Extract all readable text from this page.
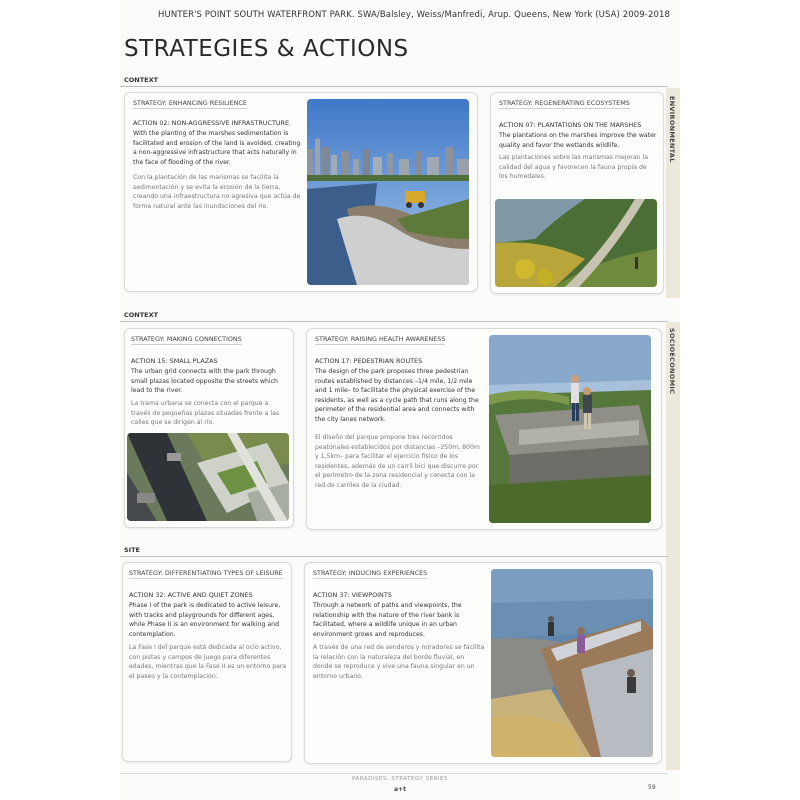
HUNTER'S POINT SOUTH WATERFRONT PARK. SWA/Balsley, Weiss/Manfredi, Arup. Queens, New York (USA) 2009-2018
STRATEGIES & ACTIONS
CONTEXT
ENVIRONMENTAL
STRATEGY: ENHANCING RESILIENCE
ACTION 02: NON-AGGRESSIVE INFRASTRUCTURE
With the planting of the marshes sedimentation is facilitated and erosion of the land is avoided, creating a non-aggressive infrastructure that acts naturally in the face of flooding of the river.
Con la plantación de las marismas se facilita la sedimentación y se evita la erosión de la tierra, creando una infraestructura no agresiva que actúa de forma natural ante las inundaciones del río.
STRATEGY: REGENERATING ECOSYSTEMS
ACTION 07: PLANTATIONS ON THE MARSHES
The plantations on the marshes improve the water quality and favor the wetlands wildlife.
Las plantaciones sobre las marismas mejoran la calidad del agua y favorecen la fauna propia de los humedales.
CONTEXT
SOCIOECONOMIC
STRATEGY: MAKING CONNECTIONS
ACTION 15: SMALL PLAZAS
The urban grid connects with the park through small plazas located opposite the streets which lead to the river.
La trama urbana se conecta con el parque a través de pequeñas plazas situadas frente a las calles que se dirigen al río.
STRATEGY: RAISING HEALTH AWARENESS
ACTION 17: PEDESTRIAN ROUTES
The design of the park proposes three pedestrian routes established by distances –1/4 mile, 1/2 mile and 1 mile– to facilitate the physical exercise of the residents, as well as a cycle path that runs along the perimeter of the residential area and connects with the city lanes network.
El diseño del parque propone tres recorridos peatonales establecidos por distancias –250m, 800m y 1,5km– para facilitar el ejercicio físico de los residentes, además de un carril bici que discurre por el perímetro de la zona residencial y conecta con la red de carriles de la ciudad.
SITE
STRATEGY: DIFFERENTIATING TYPES OF LEISURE
ACTION 32: ACTIVE AND QUIET ZONES
Phase I of the park is dedicated to active leisure, with tracks and playgrounds for different ages, while Phase II is an environment for walking and contemplation.
La Fase I del parque está dedicada al ocio activo, con pistas y campos de juego para diferentes edades, mientras que la Fase II es un entorno para el paseo y la contemplación.
STRATEGY: INDUCING EXPERIENCES
ACTION 37: VIEWPOINTS
Through a network of paths and viewpoints, the relationship with the nature of the river bank is facilitated, where a wildlife unique in an urban environment grows and reproduces.
A través de una red de senderos y miradores se facilita la relación con la naturaleza del borde fluvial, en donde se reproduce y vive una fauna singular en un entorno urbano.
PARADISES. STRATEGY SERIES
a+t	59
